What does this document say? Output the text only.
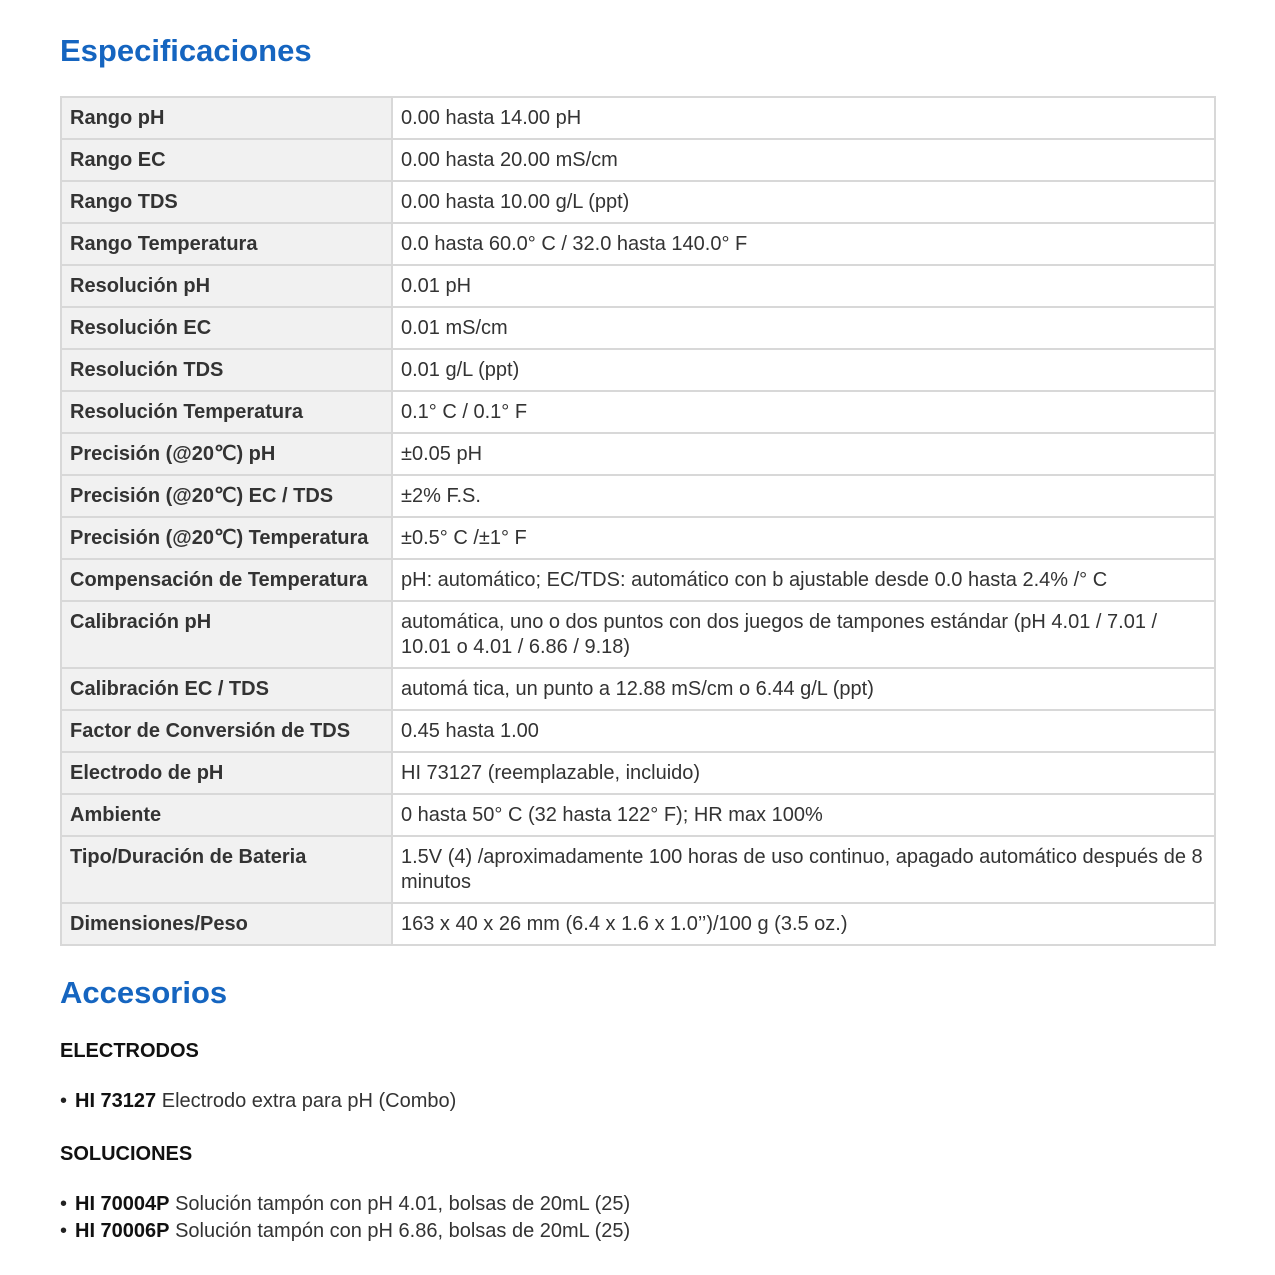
Especificaciones
Rango pH	0.00 hasta 14.00 pH
Rango EC	0.00 hasta 20.00 mS/cm
Rango TDS	0.00 hasta 10.00 g/L (ppt)
Rango Temperatura	0.0 hasta 60.0° C / 32.0 hasta 140.0° F
Resolución pH	0.01 pH
Resolución EC	0.01 mS/cm
Resolución TDS	0.01 g/L (ppt)
Resolución Temperatura	0.1° C / 0.1° F
Precisión (@20℃) pH	±0.05 pH
Precisión (@20℃) EC / TDS	±2% F.S.
Precisión (@20℃) Temperatura	±0.5° C /±1° F
Compensación de Temperatura	pH: automático; EC/TDS: automático con b ajustable desde 0.0 hasta 2.4% /° C
Calibración pH	automática, uno o dos puntos con dos juegos de tampones estándar (pH 4.01 / 7.01 / 10.01 o 4.01 / 6.86 / 9.18)
Calibración EC / TDS	automá tica, un punto a 12.88 mS/cm o 6.44 g/L (ppt)
Factor de Conversión de TDS	0.45 hasta 1.00
Electrodo de pH	HI 73127 (reemplazable, incluido)
Ambiente	0 hasta 50° C (32 hasta 122° F); HR max 100%
Tipo/Duración de Bateria	1.5V (4) /aproximadamente 100 horas de uso continuo, apagado automático después de 8 minutos
Dimensiones/Peso	163 x 40 x 26 mm (6.4 x 1.6 x 1.0’’)/100 g (3.5 oz.)
Accesorios
ELECTRODOS
• HI 73127 Electrodo extra para pH (Combo)
SOLUCIONES
• HI 70004P Solución tampón con pH 4.01, bolsas de 20mL (25)
• HI 70006P Solución tampón con pH 6.86, bolsas de 20mL (25)
